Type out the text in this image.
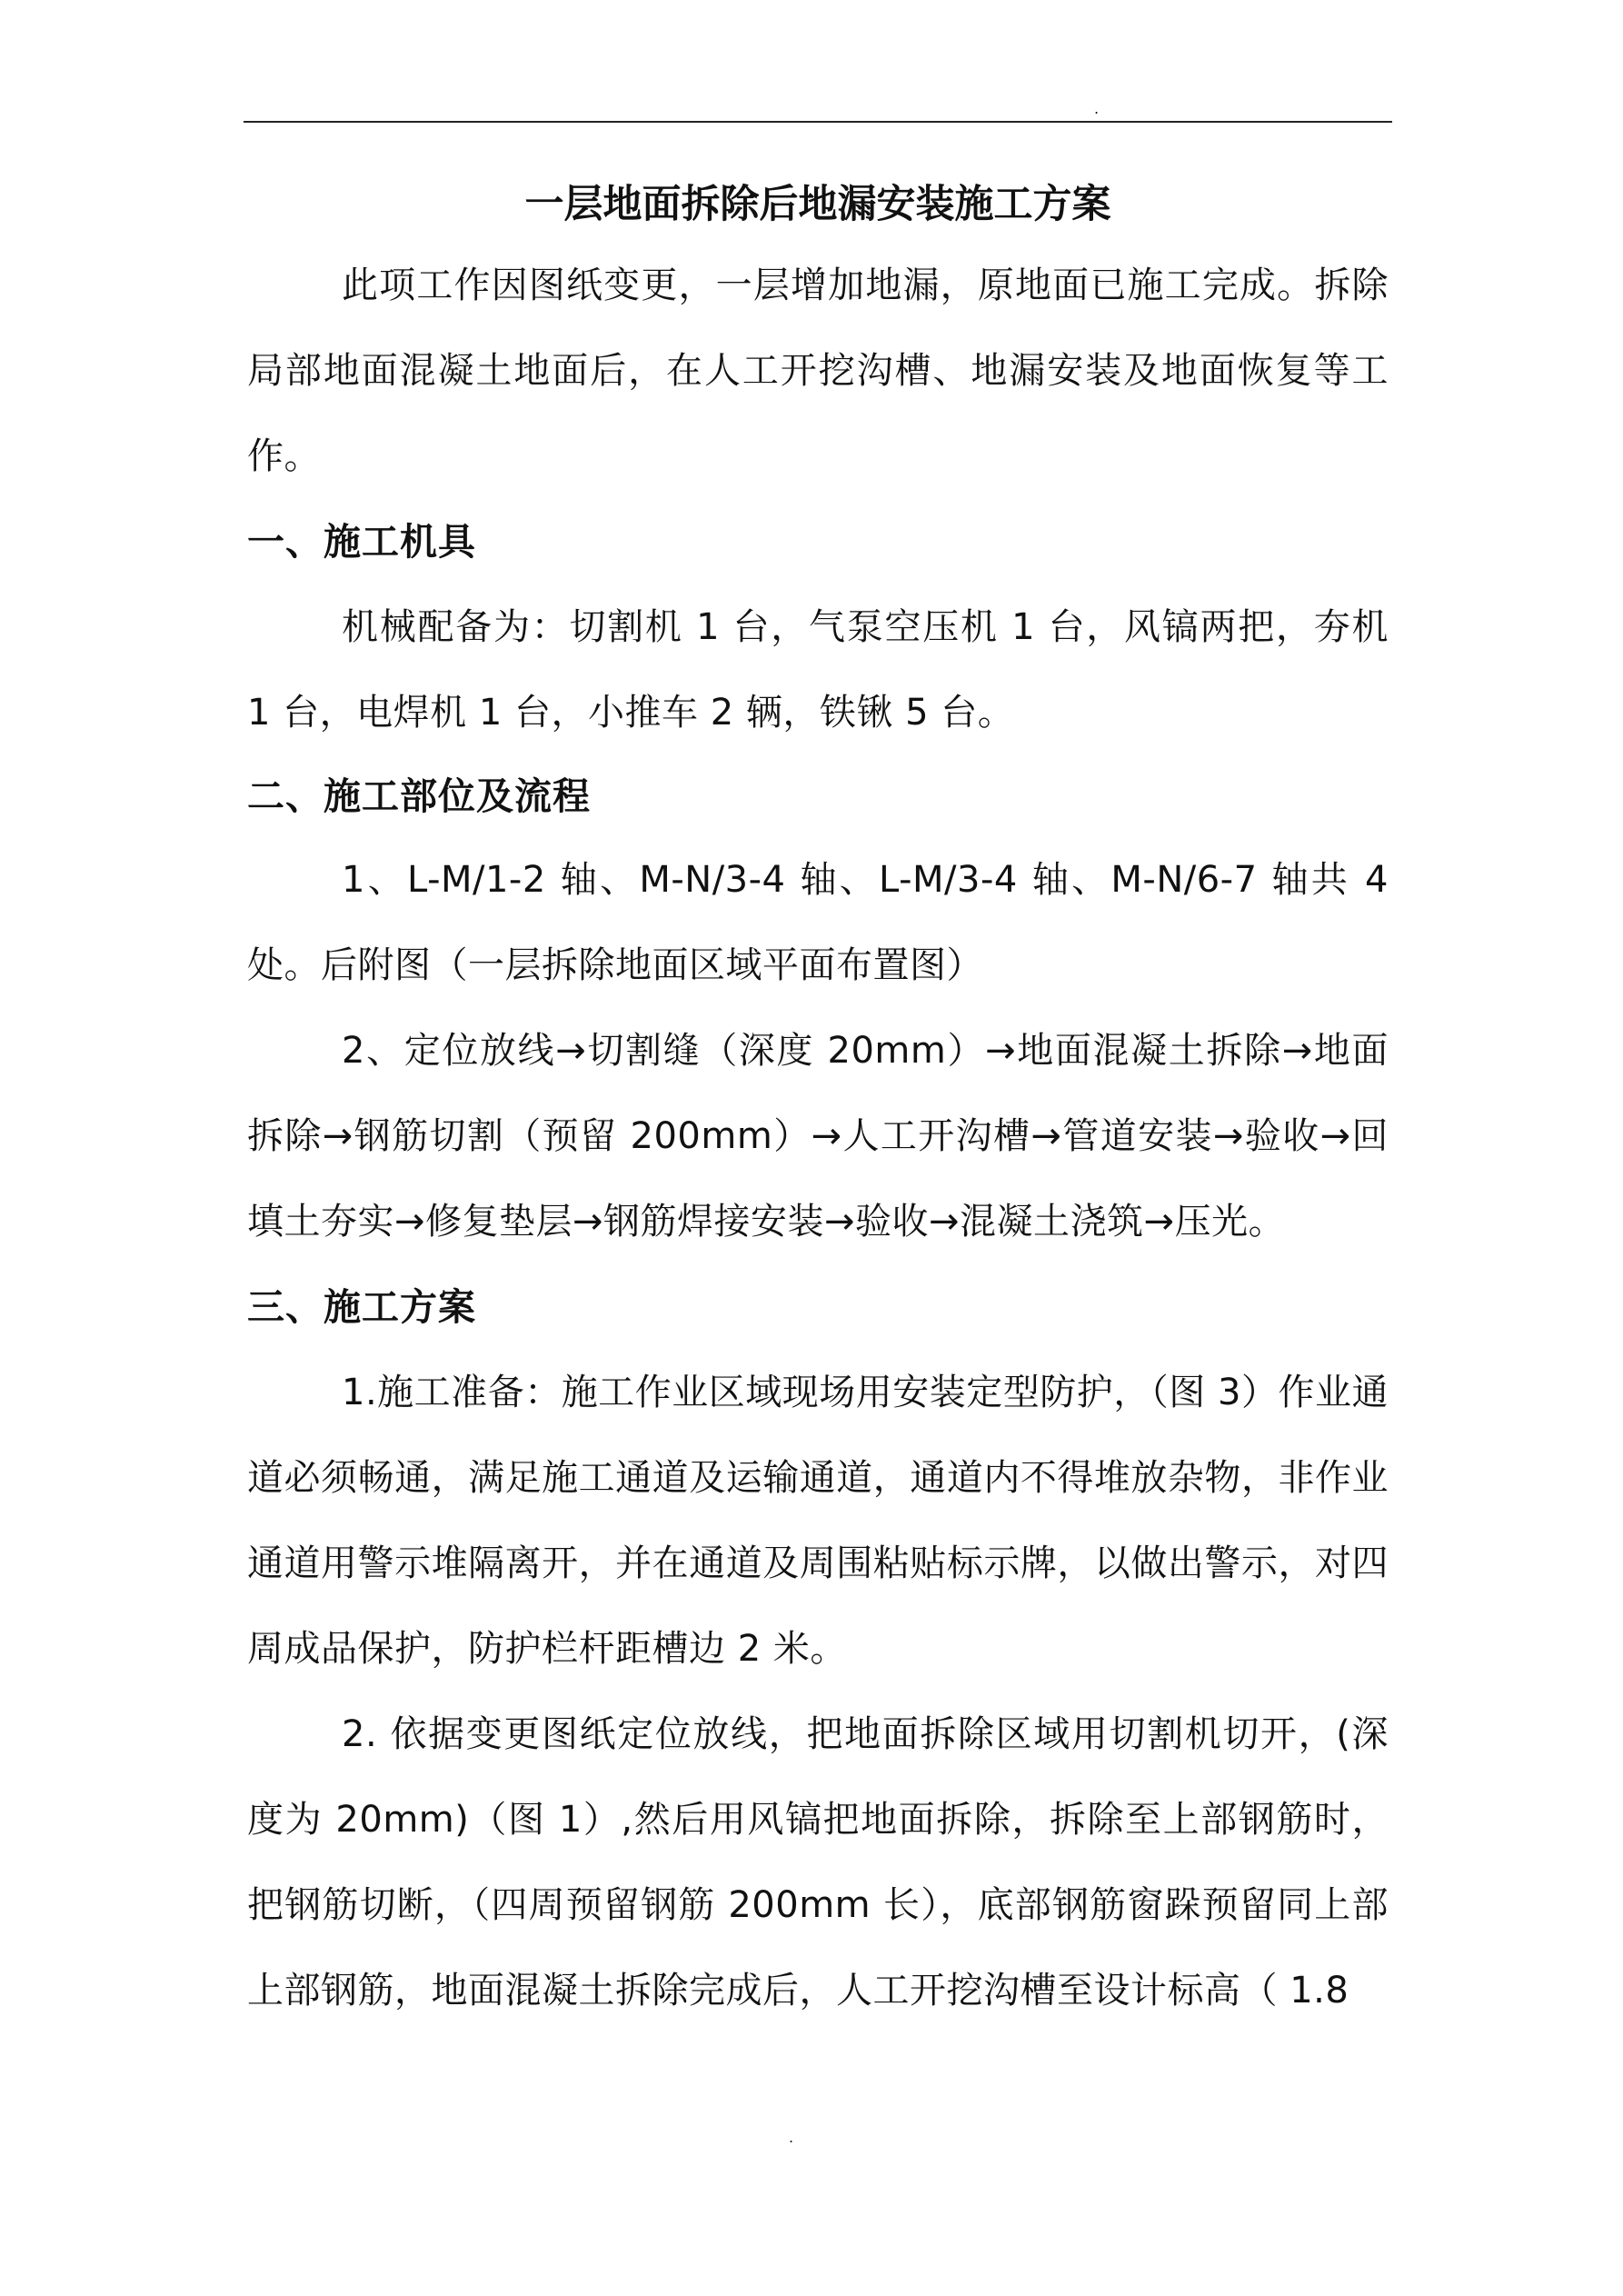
.
一层地面拆除后地漏安装施工方案

此项工作因图纸变更，一层增加地漏，原地面已施工完成。拆除局部地面混凝土地面后，在人工开挖沟槽、地漏安装及地面恢复等工作。

一、施工机具

机械配备为：切割机 1 台，气泵空压机 1 台，风镐两把，夯机 1 台，电焊机 1 台，小推车 2 辆，铁锹 5 台。

二、施工部位及流程

1、L-M/1-2 轴、M-N/3-4 轴、L-M/3-4 轴、M-N/6-7 轴共 4 处。后附图（一层拆除地面区域平面布置图）

2、定位放线→切割缝（深度 20mm）→地面混凝土拆除→地面拆除→钢筋切割（预留 200mm）→人工开沟槽→管道安装→验收→回填土夯实→修复垫层→钢筋焊接安装→验收→混凝土浇筑→压光。

三、施工方案

1.施工准备：施工作业区域现场用安装定型防护，（图 3）作业通道必须畅通，满足施工通道及运输通道，通道内不得堆放杂物，非作业通道用警示堆隔离开，并在通道及周围粘贴标示牌，以做出警示，对四周成品保护，防护栏杆距槽边 2 米。

2. 依据变更图纸定位放线，把地面拆除区域用切割机切开，(深度为 20mm)（图 1）,然后用风镐把地面拆除，拆除至上部钢筋时，把钢筋切断，（四周预留钢筋 200mm 长），底部钢筋窗跺预留同上部上部钢筋，地面混凝土拆除完成后，人工开挖沟槽至设计标高（ 1.8

.
